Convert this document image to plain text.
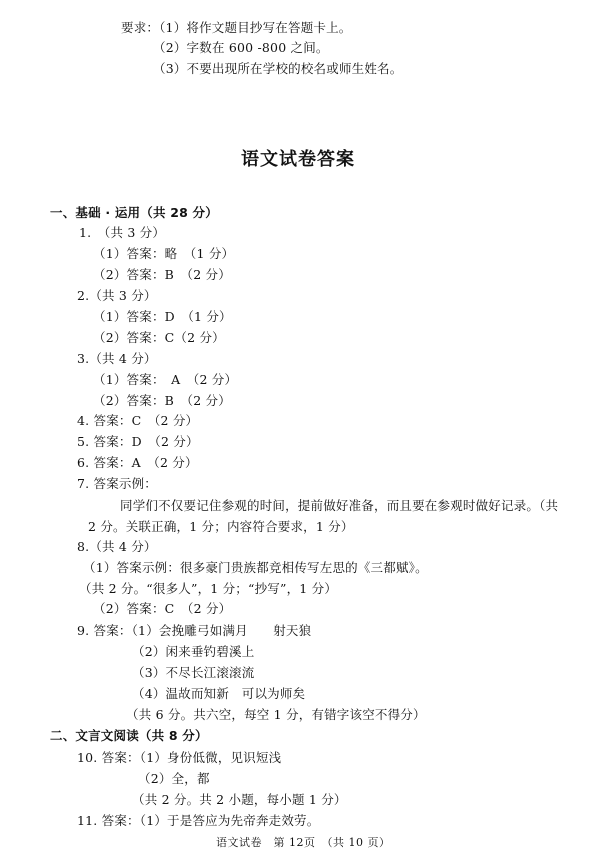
要求：（1）将作文题目抄写在答题卡上。

（2）字数在 600 -800 之间。

（3）不要出现所在学校的校名或师生姓名。

语文试卷答案

一、基础 · 运用（共 28 分）

1.　（共 3 分）

（1）答案：略　（1 分）

（2）答案：B　（2 分）

2.（共 3 分）

（1）答案：D　（1 分）

（2）答案：C（2 分）

3.（共 4 分）

（1）答案：　A　（2 分）

（2）答案：B　（2 分）

4. 答案：C　（2 分）

5. 答案：D　（2 分）

6. 答案：A　（2 分）

7. 答案示例：

同学们不仅要记住参观的时间，提前做好准备，而且要在参观时做好记录。（共

2 分。关联正确，1 分；内容符合要求，1 分）

8.（共 4 分）

（1）答案示例：很多豪门贵族都竞相传写左思的《三都赋》。

（共 2 分。“很多人”，1 分；“抄写”，1 分）

（2）答案：C　（2 分）

9. 答案：（1）会挽雕弓如满月　　射天狼

（2）闲来垂钓碧溪上

（3）不尽长江滚滚流

（4）温故而知新　可以为师矣

（共 6 分。共六空，每空 1 分，有错字该空不得分）

二、文言文阅读（共 8 分）

10. 答案：（1）身份低微，见识短浅

（2）全，都

（共 2 分。共 2 小题，每小题 1 分）

11. 答案：（1）于是答应为先帝奔走效劳。

语文试卷　第 12页　（共 10 页）
